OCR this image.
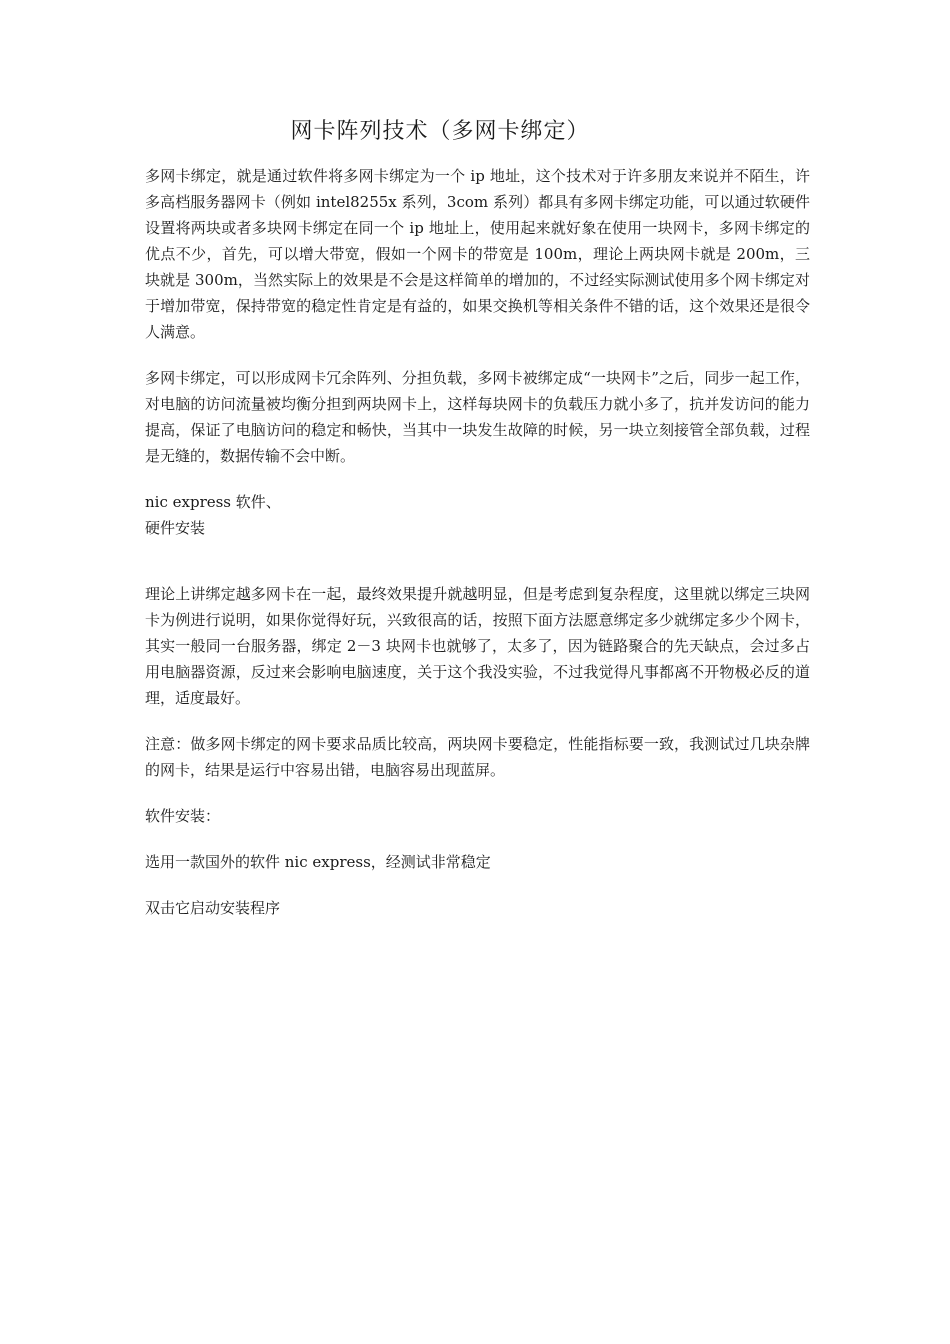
网卡阵列技术（多网卡绑定）

多网卡绑定，就是通过软件将多网卡绑定为一个 ip 地址，这个技术对于许多朋友来说并不陌生，许多高档服务器网卡（例如 intel8255x 系列，3com 系列）都具有多网卡绑定功能，可以通过软硬件设置将两块或者多块网卡绑定在同一个 ip 地址上，使用起来就好象在使用一块网卡，多网卡绑定的优点不少，首先，可以增大带宽，假如一个网卡的带宽是 100m，理论上两块网卡就是 200m，三块就是 300m，当然实际上的效果是不会是这样简单的增加的，不过经实际测试使用多个网卡绑定对于增加带宽，保持带宽的稳定性肯定是有益的，如果交换机等相关条件不错的话，这个效果还是很令人满意。

多网卡绑定，可以形成网卡冗余阵列、分担负载，多网卡被绑定成“一块网卡”之后，同步一起工作，对电脑的访问流量被均衡分担到两块网卡上，这样每块网卡的负载压力就小多了，抗并发访问的能力提高，保证了电脑访问的稳定和畅快，当其中一块发生故障的时候，另一块立刻接管全部负载，过程是无缝的，数据传输不会中断。

nic express 软件、

硬件安装

理论上讲绑定越多网卡在一起，最终效果提升就越明显，但是考虑到复杂程度，这里就以绑定三块网卡为例进行说明，如果你觉得好玩，兴致很高的话，按照下面方法愿意绑定多少就绑定多少个网卡，其实一般同一台服务器，绑定 2－3 块网卡也就够了，太多了，因为链路聚合的先天缺点，会过多占用电脑器资源，反过来会影响电脑速度，关于这个我没实验，不过我觉得凡事都离不开物极必反的道理，适度最好。

注意：做多网卡绑定的网卡要求品质比较高，两块网卡要稳定，性能指标要一致，我测试过几块杂牌的网卡，结果是运行中容易出错，电脑容易出现蓝屏。

软件安装：

选用一款国外的软件 nic express，经测试非常稳定

双击它启动安装程序
